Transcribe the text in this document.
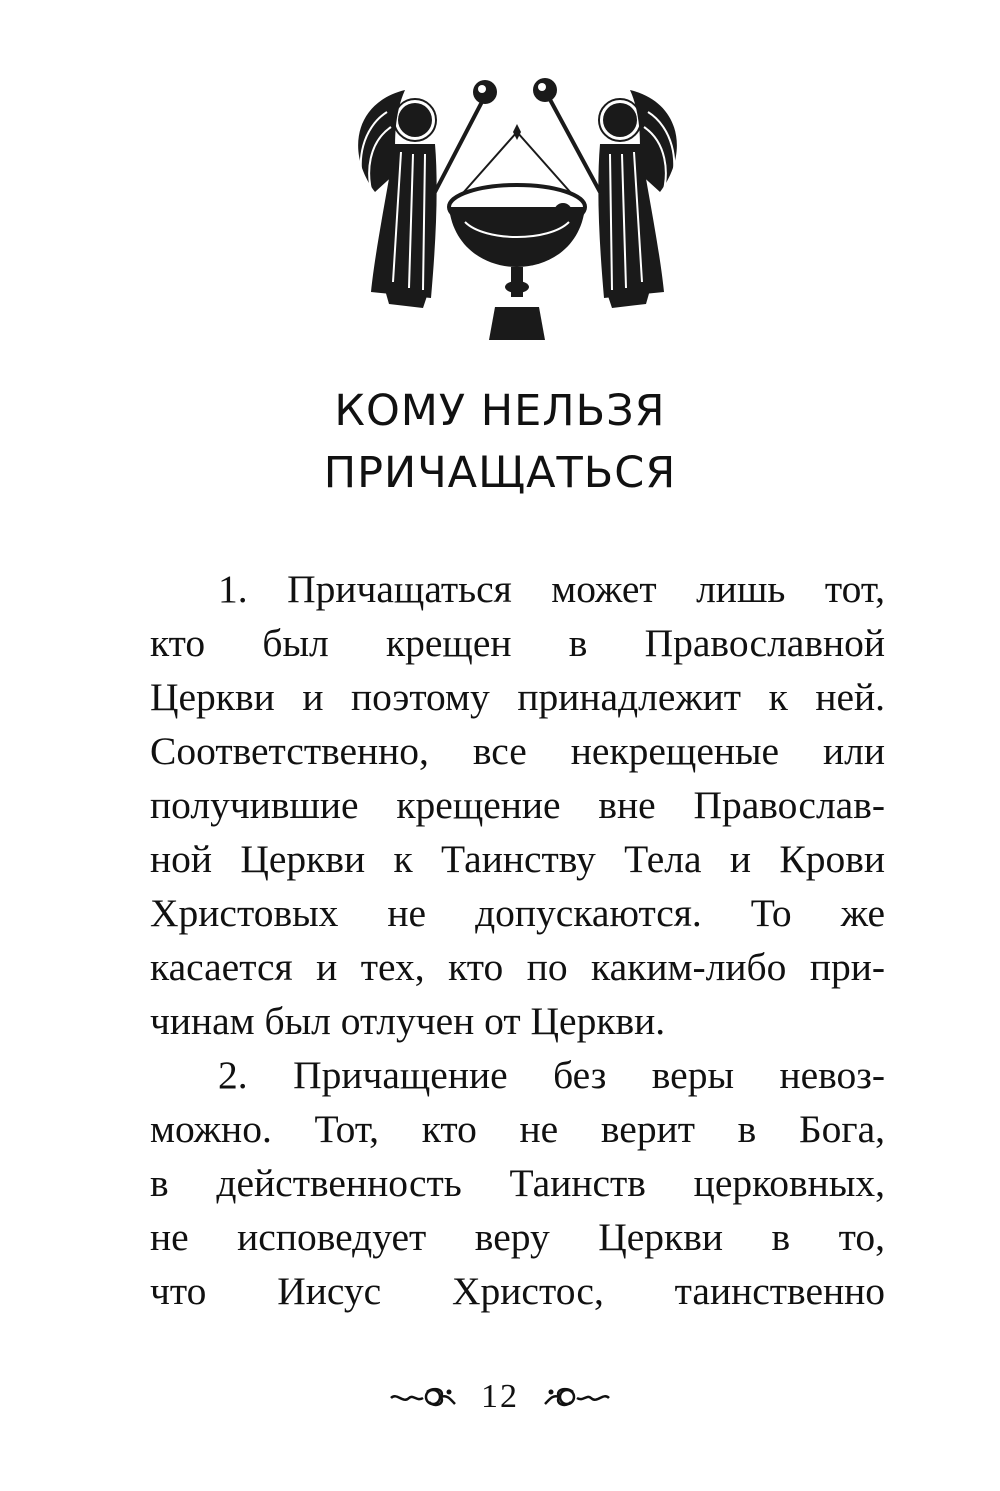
КОМУ НЕЛЬЗЯ
ПРИЧАЩАТЬСЯ

1. Причащаться может лишь тот,
кто был крещен в Православной
Церкви и поэтому принадлежит к ней.
Соответственно, все некрещеные или
получившие крещение вне Православ-
ной Церкви к Таинству Тела и Крови
Христовых не допускаются. То же
касается и тех, кто по каким-либо при-
чинам был отлучен от Церкви.

2. Причащение без веры невоз-
можно. Тот, кто не верит в Бога,
в действенность Таинств церковных,
не исповедует веру Церкви в то,
что Иисус Христос, таинственно

12
